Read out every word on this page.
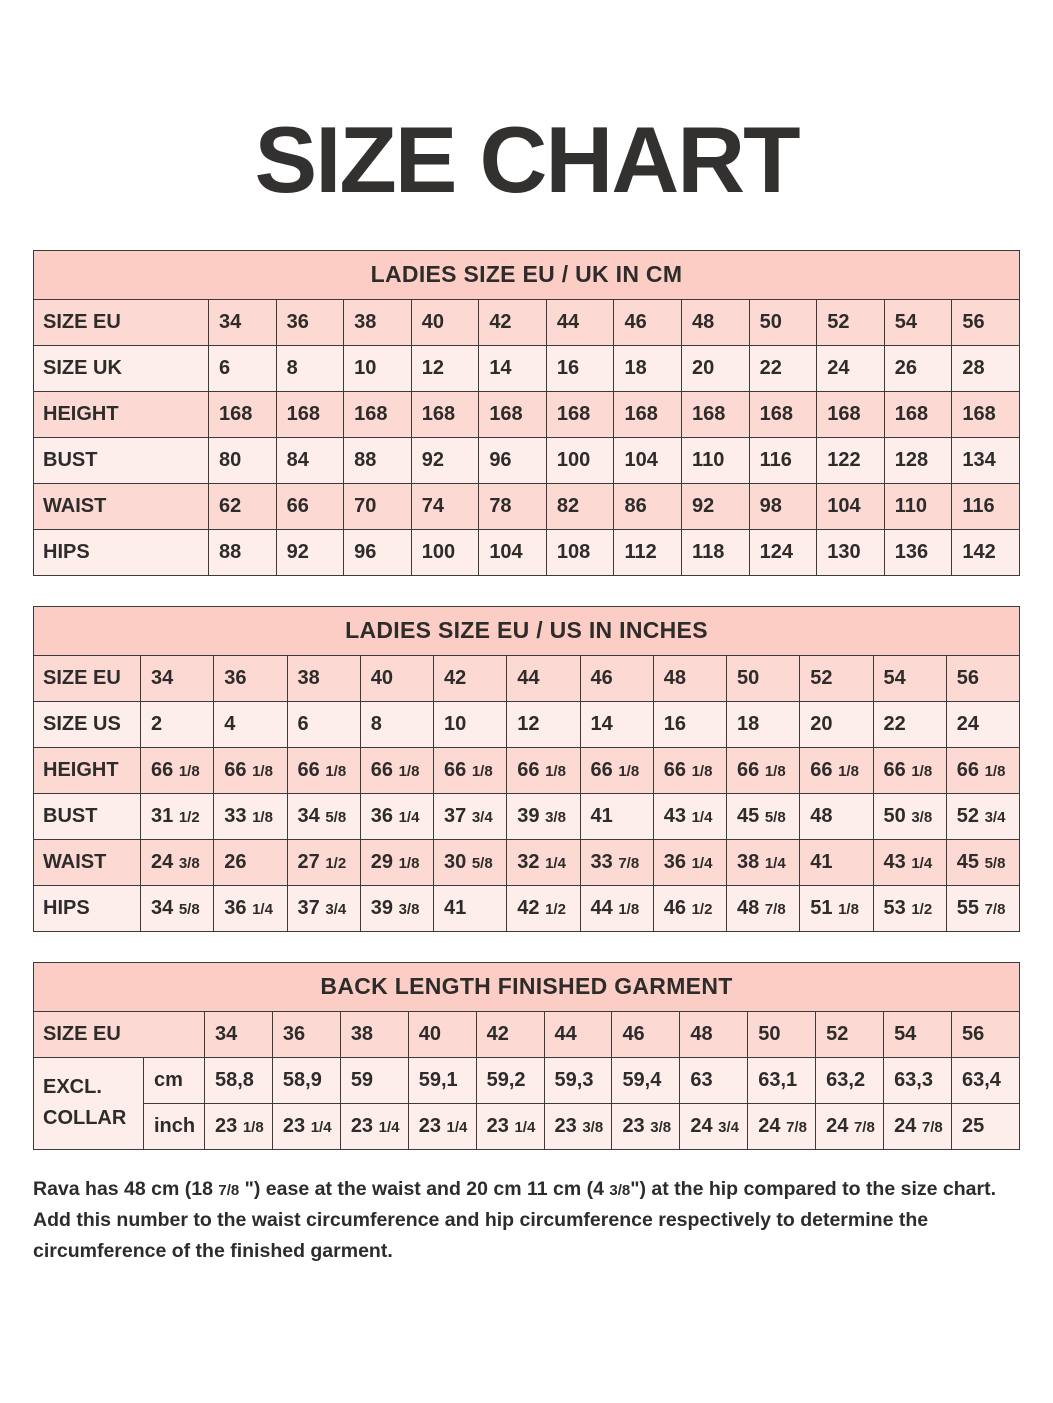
SIZE CHART
LADIES SIZE EU / UK IN CM												
SIZE EU	34	36	38	40	42	44	46	48	50	52	54	56
SIZE UK	6	8	10	12	14	16	18	20	22	24	26	28
HEIGHT	168	168	168	168	168	168	168	168	168	168	168	168
BUST	80	84	88	92	96	100	104	110	116	122	128	134
WAIST	62	66	70	74	78	82	86	92	98	104	110	116
HIPS	88	92	96	100	104	108	112	118	124	130	136	142
LADIES SIZE EU / US IN INCHES												
SIZE EU	34	36	38	40	42	44	46	48	50	52	54	56
SIZE US	2	4	6	8	10	12	14	16	18	20	22	24
HEIGHT	66 1/8	66 1/8	66 1/8	66 1/8	66 1/8	66 1/8	66 1/8	66 1/8	66 1/8	66 1/8	66 1/8	66 1/8
BUST	31 1/2	33 1/8	34 5/8	36 1/4	37 3/4	39 3/8	41	43 1/4	45 5/8	48	50 3/8	52 3/4
WAIST	24 3/8	26	27 1/2	29 1/8	30 5/8	32 1/4	33 7/8	36 1/4	38 1/4	41	43 1/4	45 5/8
HIPS	34 5/8	36 1/4	37 3/4	39 3/8	41	42 1/2	44 1/8	46 1/2	48 7/8	51 1/8	53 1/2	55 7/8
BACK LENGTH FINISHED GARMENT													
SIZE EU		34	36	38	40	42	44	46	48	50	52	54	56
EXCL.
COLLAR	cm	58,8	58,9	59	59,1	59,2	59,3	59,4	63	63,1	63,2	63,3	63,4
	inch	23 1/8	23 1/4	23 1/4	23 1/4	23 1/4	23 3/8	23 3/8	24 3/4	24 7/8	24 7/8	24 7/8	25

Rava has 48 cm (18 7/8 ") ease at the waist and 20 cm 11 cm (4 3/8") at the hip compared to the size chart. Add this number to the waist circumference and hip circumference respectively to determine the circumference of the finished garment.
